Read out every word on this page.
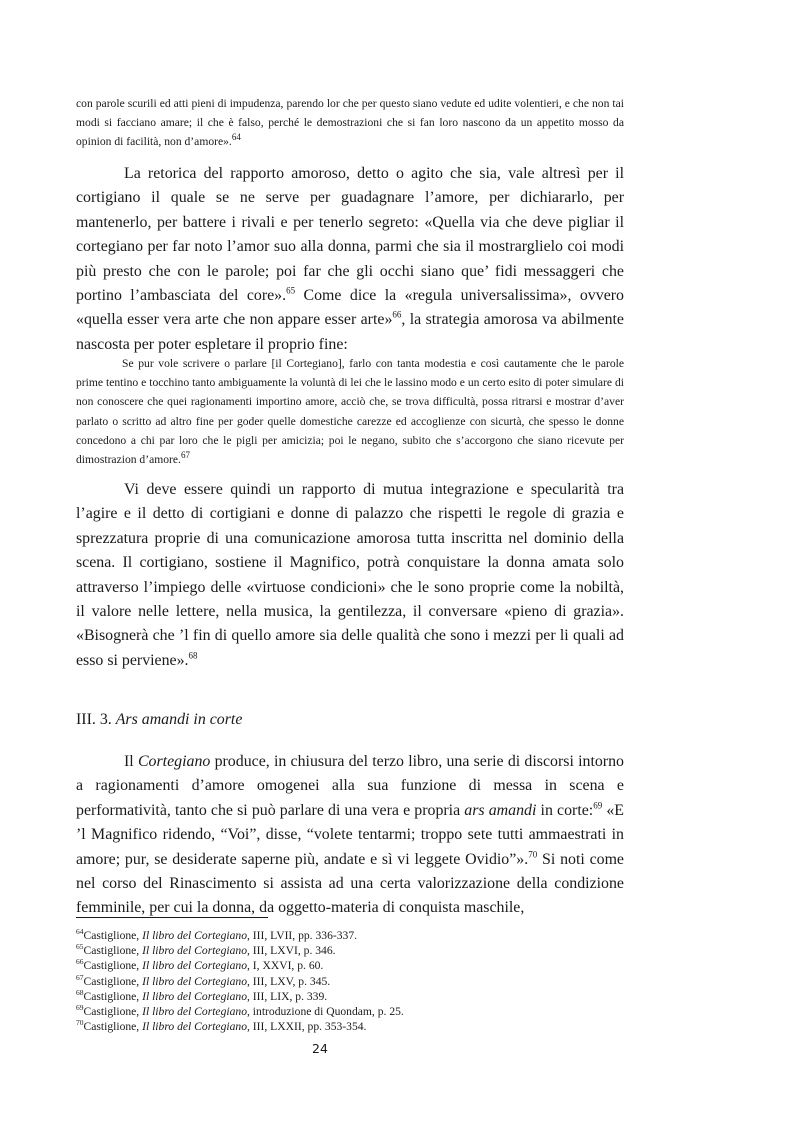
con parole scurili ed atti pieni di impudenza, parendo lor che per questo siano vedute ed udite volentieri, e che non tai modi si facciano amare; il che è falso, perché le demostrazioni che si fan loro nascono da un appetito mosso da opinion di facilità, non d’amore».$^{64}$

La retorica del rapporto amoroso, detto o agito che sia, vale altresì per il cortigiano il quale se ne serve per guadagnare l’amore, per dichiararlo, per mantenerlo, per battere i rivali e per tenerlo segreto: «Quella via che deve pigliar il cortegiano per far noto l’amor suo alla donna, parmi che sia il mostrarglielo coi modi più presto che con le parole; poi far che gli occhi siano que’ fidi messaggeri che portino l’ambasciata del core».$^{65}$ Come dice la «regula universalissima», ovvero «quella esser vera arte che non appare esser arte»$^{66}$, la strategia amorosa va abilmente nascosta per poter espletare il proprio fine:

Se pur vole scrivere o parlare [il Cortegiano], farlo con tanta modestia e così cautamente che le parole prime tentino e tocchino tanto ambiguamente la voluntà di lei che le lassino modo e un certo esito di poter simulare di non conoscere che quei ragionamenti importino amore, acciò che, se trova difficultà, possa ritrarsi e mostrar d’aver parlato o scritto ad altro fine per goder quelle domestiche carezze ed accoglienze con sicurtà, che spesso le donne concedono a chi par loro che le pigli per amicizia; poi le negano, subito che s’accorgono che siano ricevute per dimostrazion d’amore.$^{67}$

Vi deve essere quindi un rapporto di mutua integrazione e specularità tra l’agire e il detto di cortigiani e donne di palazzo che rispetti le regole di grazia e sprezzatura proprie di una comunicazione amorosa tutta inscritta nel dominio della scena. Il cortigiano, sostiene il Magnifico, potrà conquistare la donna amata solo attraverso l’impiego delle «virtuose condicioni» che le sono proprie come la nobiltà, il valore nelle lettere, nella musica, la gentilezza, il conversare «pieno di grazia». «Bisognerà che ’l fin di quello amore sia delle qualità che sono i mezzi per li quali ad esso si perviene».$^{68}$

III. 3. Ars amandi in corte

Il Cortegiano produce, in chiusura del terzo libro, una serie di discorsi intorno a ragionamenti d’amore omogenei alla sua funzione di messa in scena e performatività, tanto che si può parlare di una vera e propria ars amandi in corte:$^{69}$ «E ’l Magnifico ridendo, “Voi”, disse, “volete tentarmi; troppo sete tutti ammaestrati in amore; pur, se desiderate saperne più, andate e sì vi leggete Ovidio”».$^{70}$ Si noti come nel corso del Rinascimento si assista ad una certa valorizzazione della condizione femminile, per cui la donna, da oggetto-materia di conquista maschile,

$^{64}$Castiglione, Il libro del Cortegiano, III, LVII, pp. 336-337.
$^{65}$Castiglione, Il libro del Cortegiano, III, LXVI, p. 346.
$^{66}$Castiglione, Il libro del Cortegiano, I, XXVI, p. 60.
$^{67}$Castiglione, Il libro del Cortegiano, III, LXV, p. 345.
$^{68}$Castiglione, Il libro del Cortegiano, III, LIX, p. 339.
$^{69}$Castiglione, Il libro del Cortegiano, introduzione di Quondam, p. 25.
$^{70}$Castiglione, Il libro del Cortegiano, III, LXXII, pp. 353-354.
24
